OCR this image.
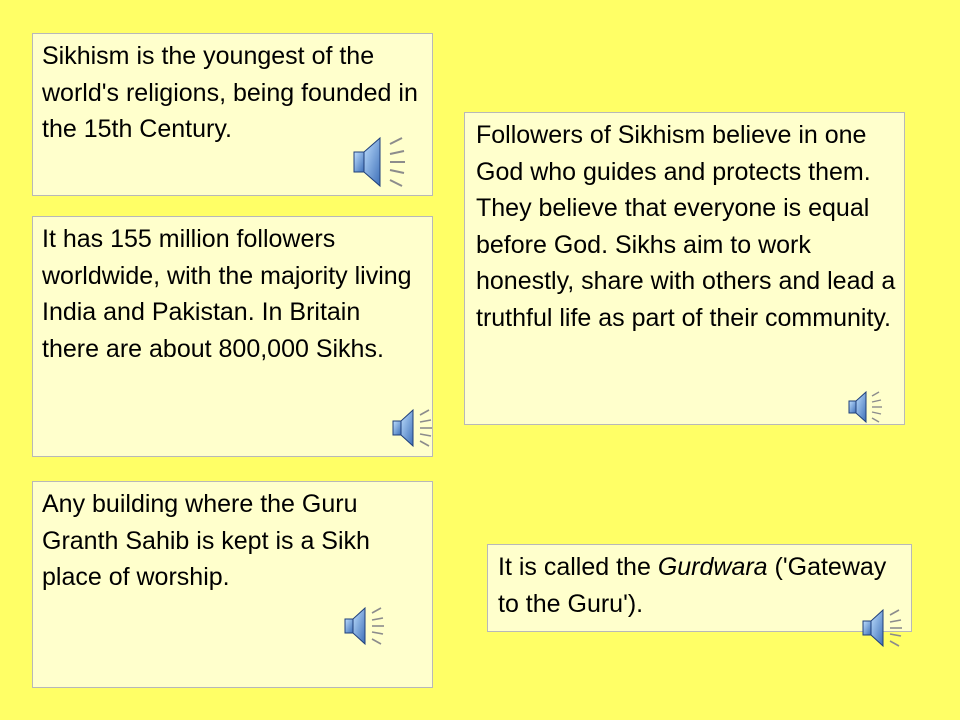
Sikhism is the youngest of the world's religions, being founded in the 15th Century.

It has 155 million followers worldwide, with the majority living India and Pakistan. In Britain there are about 800,000 Sikhs.

Any building where the Guru Granth Sahib is kept is a Sikh place of worship.

Followers of Sikhism believe in one God who guides and protects them. They believe that everyone is equal before God. Sikhs aim to work honestly, share with others and lead a truthful life as part of their community.

It is called the Gurdwara ('Gateway to the Guru').
